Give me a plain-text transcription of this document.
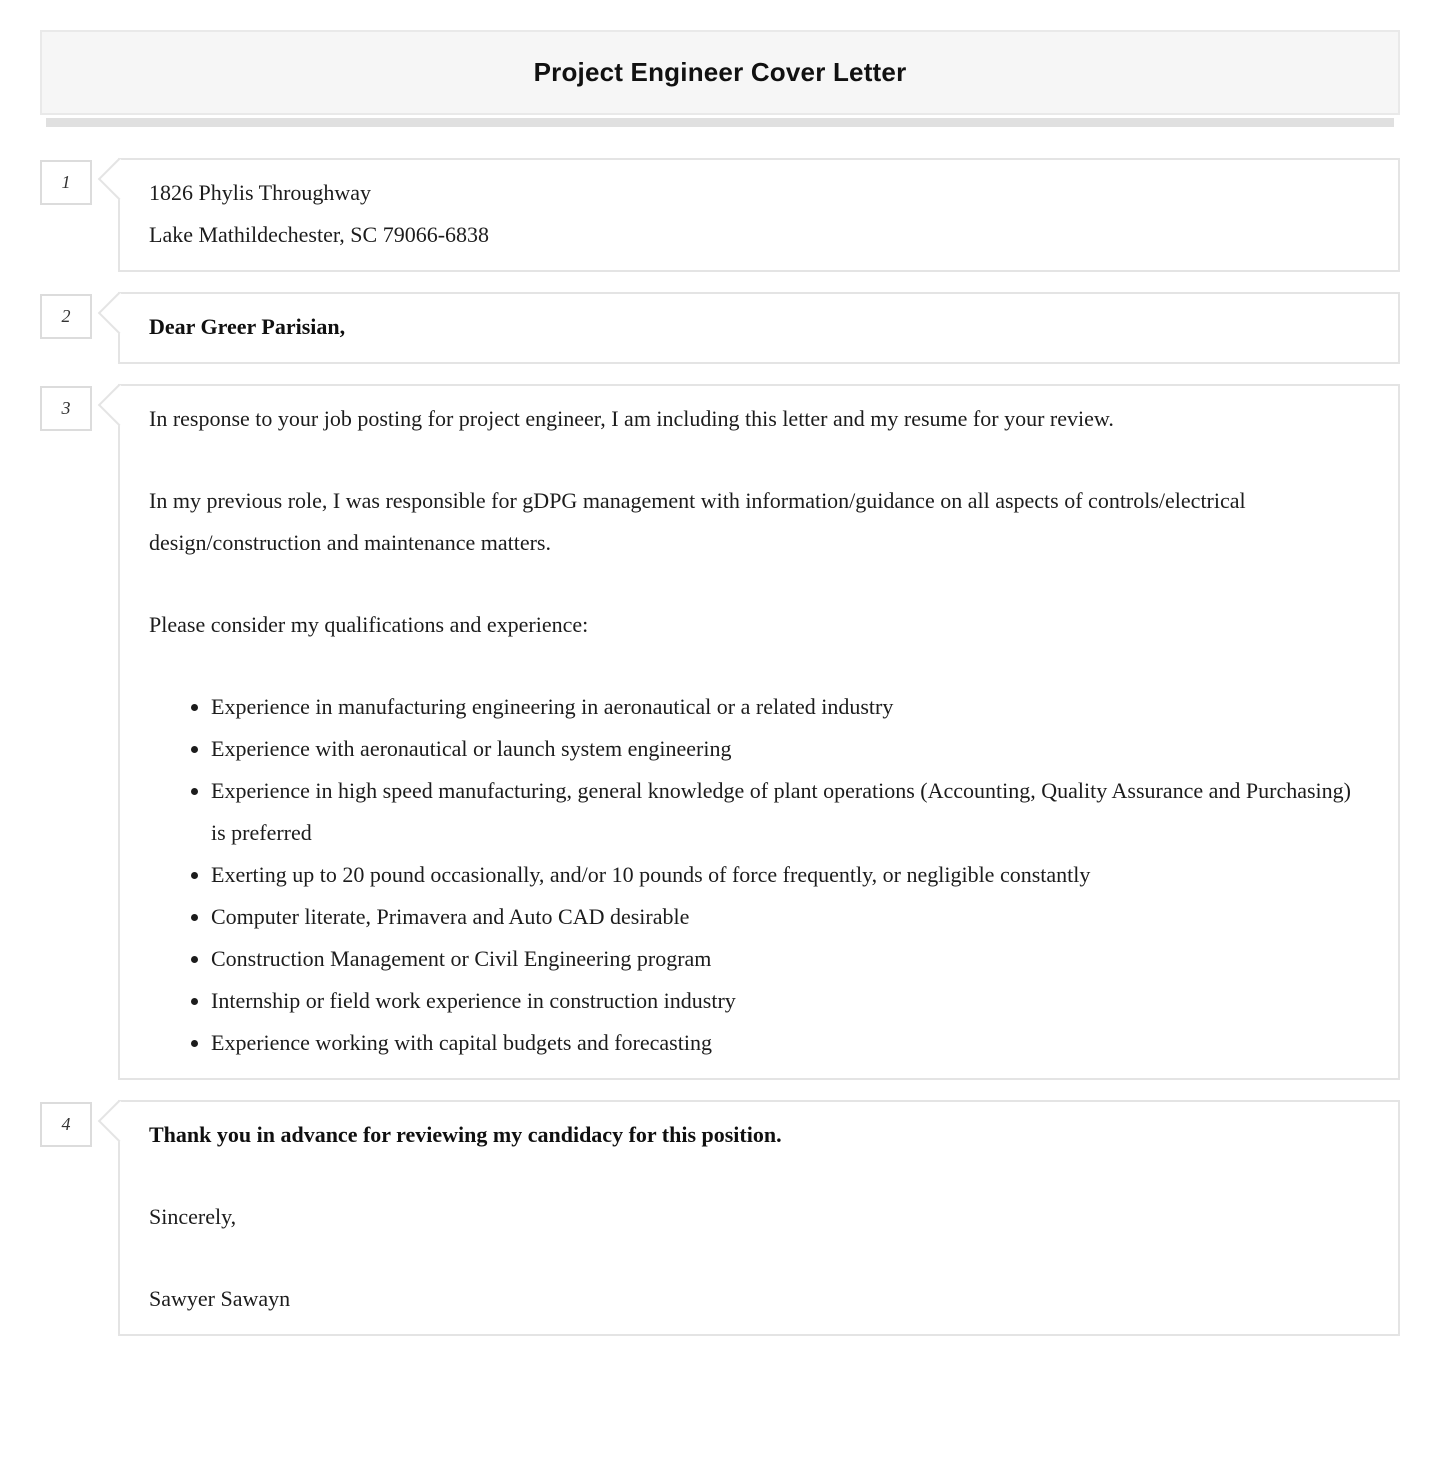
Project Engineer Cover Letter
1	1826 Phylis Throughway
Lake Mathildechester, SC 79066-6838
2	Dear Greer Parisian,

3	In response to your job posting for project engineer, I am including this letter and my resume for your review.

In my previous role, I was responsible for gDPG management with information/guidance on all aspects of controls/electrical design/construction and maintenance matters.

Please consider my qualifications and experience:

• Experience in manufacturing engineering in aeronautical or a related industry
• Experience with aeronautical or launch system engineering
• Experience in high speed manufacturing, general knowledge of plant operations (Accounting, Quality Assurance and Purchasing) is preferred
• Exerting up to 20 pound occasionally, and/or 10 pounds of force frequently, or negligible constantly
• Computer literate, Primavera and Auto CAD desirable
• Construction Management or Civil Engineering program
• Internship or field work experience in construction industry
• Experience working with capital budgets and forecasting
4	Thank you in advance for reviewing my candidacy for this position.

Sincerely,

Sawyer Sawayn
